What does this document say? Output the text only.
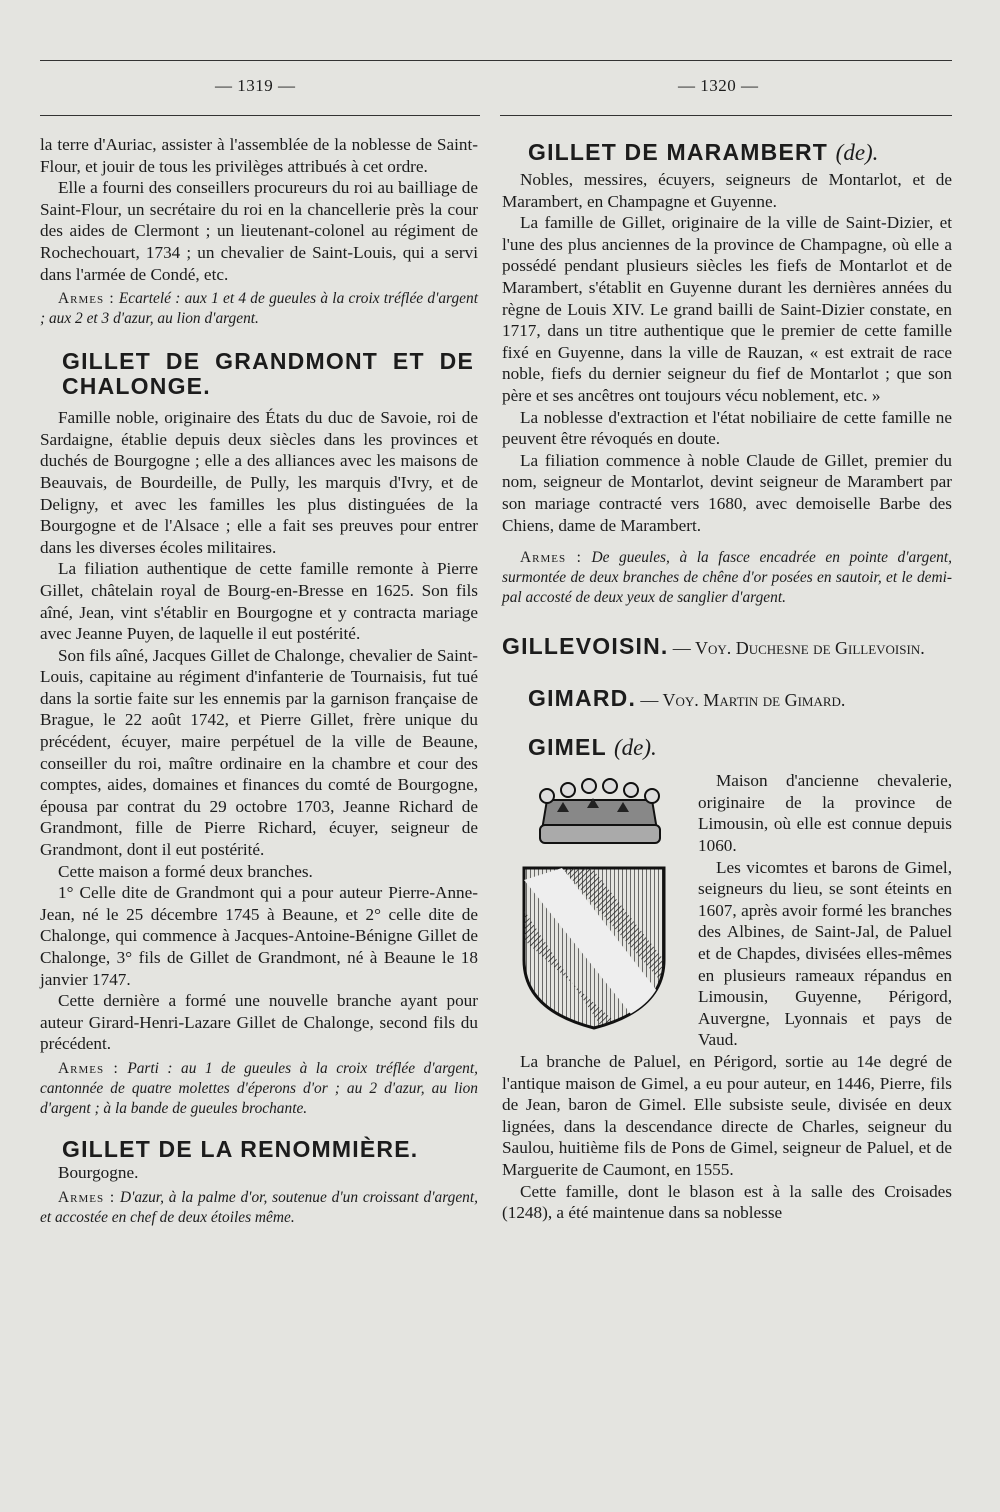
— 1319 —	— 1320 —

la terre d'Auriac, assister à l'assemblée de la noblesse de Saint-Flour, et jouir de tous les privilèges attribués à cet ordre.

Elle a fourni des conseillers procureurs du roi au bailliage de Saint-Flour, un secrétaire du roi en la chancellerie près la cour des aides de Clermont ; un lieutenant-colonel au régiment de Rochechouart, 1734 ; un chevalier de Saint-Louis, qui a servi dans l'armée de Condé, etc.

Armes : Ecartelé : aux 1 et 4 de gueules à la croix tréflée d'argent ; aux 2 et 3 d'azur, au lion d'argent.

GILLET DE GRANDMONT ET DE CHALONGE.

Famille noble, originaire des États du duc de Savoie, roi de Sardaigne, établie depuis deux siècles dans les provinces et duchés de Bourgogne ; elle a des alliances avec les maisons de Beauvais, de Bourdeille, de Pully, les marquis d'Ivry, et de Deligny, et avec les familles les plus distinguées de la Bourgogne et de l'Alsace ; elle a fait ses preuves pour entrer dans les diverses écoles militaires.

La filiation authentique de cette famille remonte à Pierre Gillet, châtelain royal de Bourg-en-Bresse en 1625. Son fils aîné, Jean, vint s'établir en Bourgogne et y contracta mariage avec Jeanne Puyen, de laquelle il eut postérité.

Son fils aîné, Jacques Gillet de Chalonge, chevalier de Saint-Louis, capitaine au régiment d'infanterie de Tournaisis, fut tué dans la sortie faite sur les ennemis par la garnison française de Brague, le 22 août 1742, et Pierre Gillet, frère unique du précédent, écuyer, maire perpétuel de la ville de Beaune, conseiller du roi, maître ordinaire en la chambre et cour des comptes, aides, domaines et finances du comté de Bourgogne, épousa par contrat du 29 octobre 1703, Jeanne Richard de Grandmont, fille de Pierre Richard, écuyer, seigneur de Grandmont, dont il eut postérité.

Cette maison a formé deux branches.

1° Celle dite de Grandmont qui a pour auteur Pierre-Anne-Jean, né le 25 décembre 1745 à Beaune, et 2° celle dite de Chalonge, qui commence à Jacques-Antoine-Bénigne Gillet de Chalonge, 3° fils de Gillet de Grandmont, né à Beaune le 18 janvier 1747.

Cette dernière a formé une nouvelle branche ayant pour auteur Girard-Henri-Lazare Gillet de Chalonge, second fils du précédent.

Armes : Parti : au 1 de gueules à la croix tréflée d'argent, cantonnée de quatre molettes d'éperons d'or ; au 2 d'azur, au lion d'argent ; à la bande de gueules brochante.

GILLET DE LA RENOMMIÈRE.

Bourgogne.

Armes : D'azur, à la palme d'or, soutenue d'un croissant d'argent, et accostée en chef de deux étoiles même.

GILLET DE MARAMBERT (de).

Nobles, messires, écuyers, seigneurs de Montarlot, et de Marambert, en Champagne et Guyenne.

La famille de Gillet, originaire de la ville de Saint-Dizier, et l'une des plus anciennes de la province de Champagne, où elle a possédé pendant plusieurs siècles les fiefs de Montarlot et de Marambert, s'établit en Guyenne durant les dernières années du règne de Louis XIV. Le grand bailli de Saint-Dizier constate, en 1717, dans un titre authentique que le premier de cette famille fixé en Guyenne, dans la ville de Rauzan, « est extrait de race noble, fiefs du dernier seigneur du fief de Montarlot ; que son père et ses ancêtres ont toujours vécu noblement, etc. »

La noblesse d'extraction et l'état nobiliaire de cette famille ne peuvent être révoqués en doute.

La filiation commence à noble Claude de Gillet, premier du nom, seigneur de Montarlot, devint seigneur de Marambert par son mariage contracté vers 1680, avec demoiselle Barbe des Chiens, dame de Marambert.

Armes : De gueules, à la fasce encadrée en pointe d'argent, surmontée de deux branches de chêne d'or posées en sautoir, et le demi-pal accosté de deux yeux de sanglier d'argent.

GILLEVOISIN. — Voy. Duchesne de Gillevoisin.

GIMARD. — Voy. Martin de Gimard.

GIMEL (de).

Maison d'ancienne chevalerie, originaire de la province de Limousin, où elle est connue depuis 1060.

Les vicomtes et barons de Gimel, seigneurs du lieu, se sont éteints en 1607, après avoir formé les branches des Albines, de Saint-Jal, de Paluel et de Chapdes, divisées elles-mêmes en plusieurs rameaux répandus en Limousin, Guyenne, Périgord, Auvergne, Lyonnais et pays de Vaud.

La branche de Paluel, en Périgord, sortie au 14e degré de l'antique maison de Gimel, a eu pour auteur, en 1446, Pierre, fils de Jean, baron de Gimel. Elle subsiste seule, divisée en deux lignées, dans la descendance directe de Charles, seigneur du Saulou, huitième fils de Pons de Gimel, seigneur de Paluel, et de Marguerite de Caumont, en 1555.

Cette famille, dont le blason est à la salle des Croisades (1248), a été maintenue dans sa noblesse
